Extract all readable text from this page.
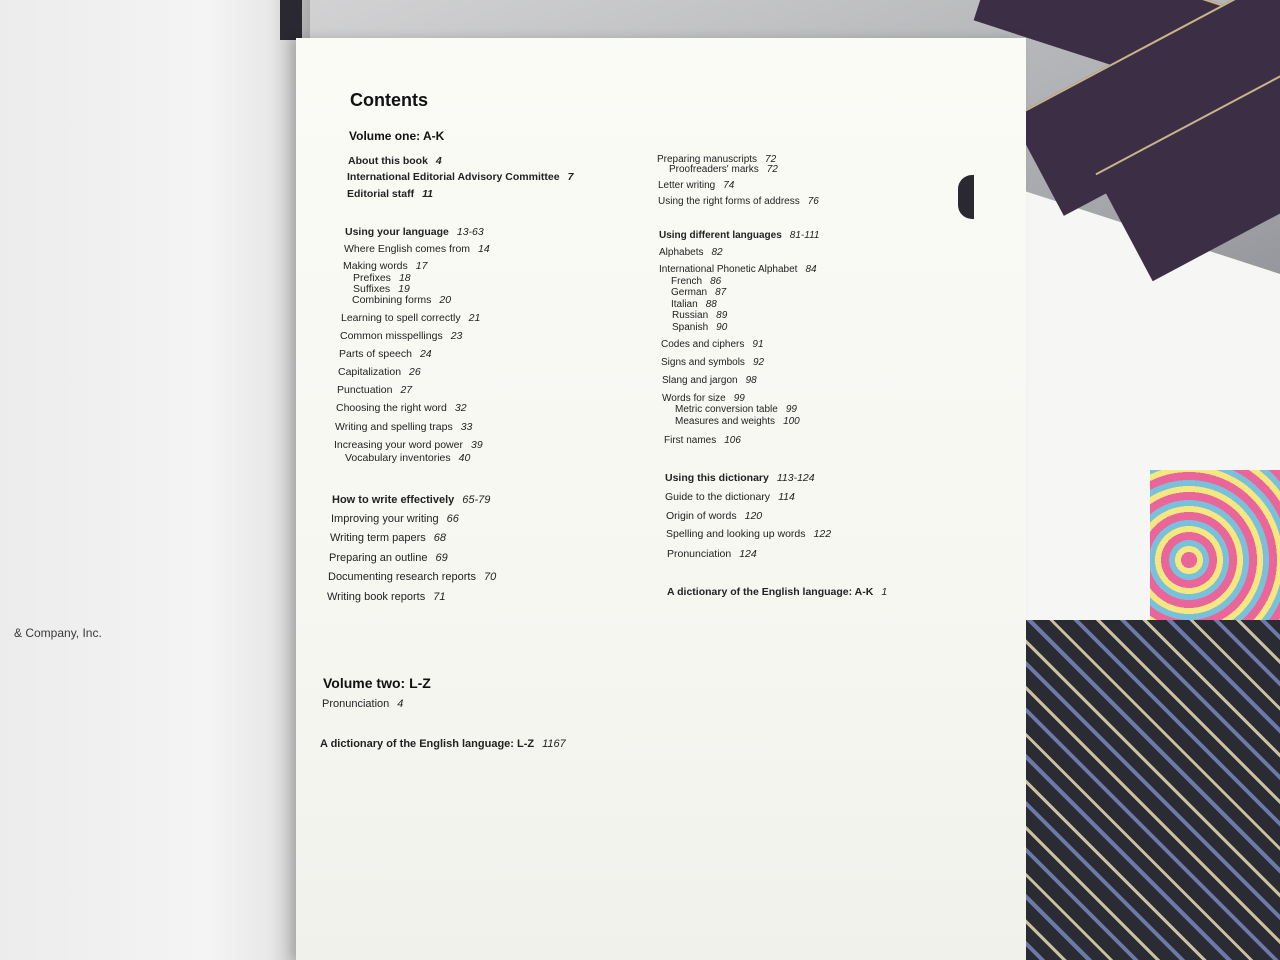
& Company, Inc.
Contents
Volume one: A-K
About this book 4
International Editorial Advisory Committee 7
Editorial staff 11
Using your language 13-63
Where English comes from 14
Making words 17
Prefixes 18
Suffixes 19
Combining forms 20
Learning to spell correctly 21
Common misspellings 23
Parts of speech 24
Capitalization 26
Punctuation 27
Choosing the right word 32
Writing and spelling traps 33
Increasing your word power 39
Vocabulary inventories 40
How to write effectively 65-79
Improving your writing 66
Writing term papers 68
Preparing an outline 69
Documenting research reports 70
Writing book reports 71
Preparing manuscripts 72
Proofreaders' marks 72
Letter writing 74
Using the right forms of address 76
Using different languages 81-111
Alphabets 82
International Phonetic Alphabet 84
French 86
German 87
Italian 88
Russian 89
Spanish 90
Codes and ciphers 91
Signs and symbols 92
Slang and jargon 98
Words for size 99
Metric conversion table 99
Measures and weights 100
First names 106
Using this dictionary 113-124
Guide to the dictionary 114
Origin of words 120
Spelling and looking up words 122
Pronunciation 124
A dictionary of the English language: A-K 1
Volume two: L-Z
Pronunciation 4
A dictionary of the English language: L-Z 1167
